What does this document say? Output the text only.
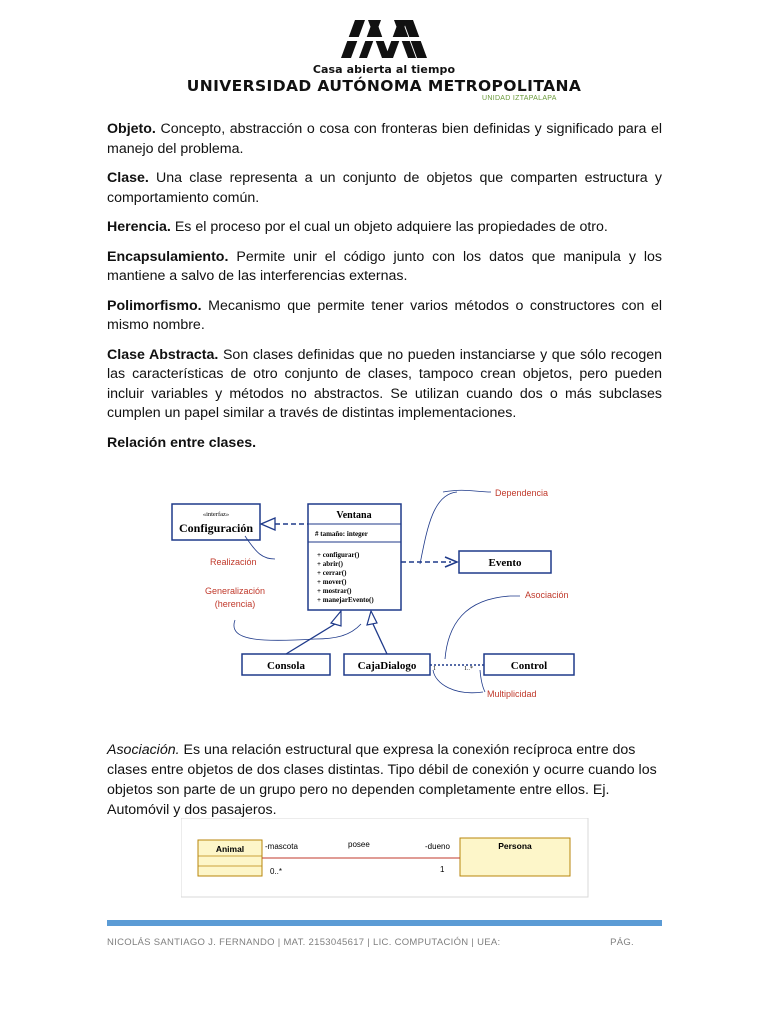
Casa abierta al tiempo
UNIVERSIDAD AUTÓNOMA METROPOLITANA
UNIDAD IZTAPALAPA

Objeto. Concepto, abstracción o cosa con fronteras bien definidas y significado para el manejo del problema.

Clase. Una clase representa a un conjunto de objetos que comparten estructura y comportamiento común.

Herencia. Es el proceso por el cual un objeto adquiere las propiedades de otro.

Encapsulamiento. Permite unir el código junto con los datos que manipula y los mantiene a salvo de las interferencias externas.

Polimorfismo. Mecanismo que permite tener varios métodos o constructores con el mismo nombre.

Clase Abstracta. Son clases definidas que no pueden instanciarse y que sólo recogen las características de otro conjunto de clases, tampoco crean objetos, pero pueden incluir variables y métodos no abstractos. Se utilizan cuando dos o más subclases cumplen un papel similar a través de distintas implementaciones.

Relación entre clases.

«interfaz»
Configuración
Ventana
# tamaño: integer
+ configurar()
+ abrir()
+ cerrar()
+ mover()
+ mostrar()
+ manejarEvento()
Evento
Consola	CajaDialogo	Control
1	1..*
Dependencia
Realización
Generalización
(herencia)
Asociación
Multiplicidad

Asociación. Es una relación estructural que expresa la conexión recíproca entre dos clases entre objetos de dos clases distintas. Tipo débil de conexión y ocurre cuando los objetos son parte de un grupo pero no dependen completamente entre ellos. Ej. Automóvil y dos pasajeros.

Animal	Persona
-mascota	posee	-dueno
0..*	1
NICOLÁS SANTIAGO J. FERNANDO | MAT. 2153045617 | LIC. COMPUTACIÓN | UEA:	PÁG.
